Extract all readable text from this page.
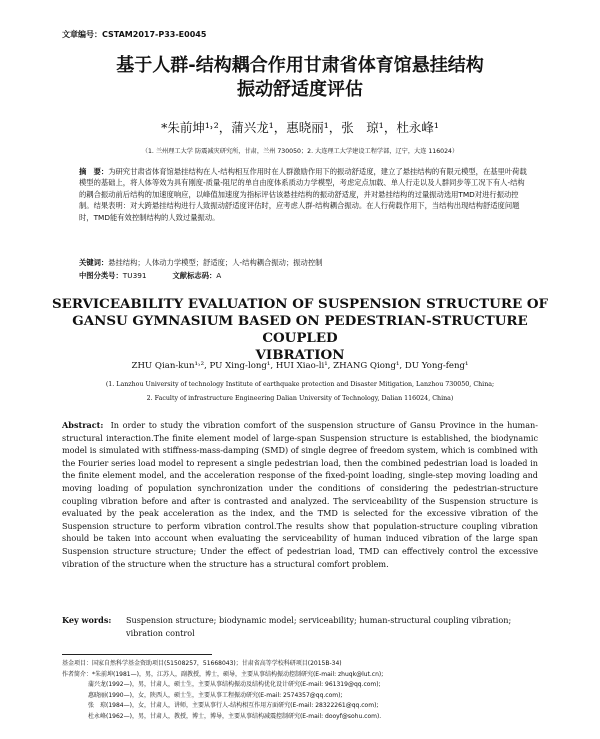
文章编号：CSTAM2017-P33-E0045
基于人群-结构耦合作用甘肃省体育馆悬挂结构
振动舒适度评估
*朱前坤¹˒²，蒲兴龙¹，惠晓丽¹，张　琼¹，杜永峰¹
（1. 兰州理工大学 防震减灾研究所，甘肃，兰州 730050；2. 大连理工大学建设工程学部，辽宁，大连 116024）
摘　要：为研究甘肃省体育馆悬挂结构在人-结构相互作用时在人群激励作用下的振动舒适度，建立了悬挂结构的有限元模型，在基里叶荷载模型的基础上，将人体等效为具有刚度-质量-阻尼的单自由度体系质动力学模型，考虑定点加载、单人行走以及人群同步等工况下有人-结构的耦合振动前后结构的加速度响应，以峰值加速度为指标评估该悬挂结构的振动舒适度，并对悬挂结构的过量振动选用TMD对进行振动控制。结果表明：对大跨悬挂结构进行人致振动舒适度评估时，应考虑人群-结构耦合振动。在人行荷载作用下，当结构出现结构舒适度问题时，TMD能有效控制结构的人致过量振动。
关键词：悬挂结构；人体动力学模型；舒适度；人-结构耦合振动；振动控制
中图分类号：TU391	文献标志码：A
SERVICEABILITY EVALUATION OF SUSPENSION STRUCTURE OF
GANSU GYMNASIUM BASED ON PEDESTRIAN-STRUCTURE COUPLED
VIBRATION
ZHU Qian-kun¹˒², PU Xing-long¹, HUI Xiao-li¹, ZHANG Qiong¹, DU Yong-feng¹
(1. Lanzhou University of technology Institute of earthquake protection and Disaster Mitigation, Lanzhou 730050, China;
2. Faculty of infrastructure Engineering Dalian University of Technology, Dalian 116024, China)
Abstract: In order to study the vibration comfort of the suspension structure of Gansu Province in the human-structural interaction.The finite element model of large-span Suspension structure is established, the biodynamic model is simulated with stiffness-mass-damping (SMD) of single degree of freedom system, which is combined with the Fourier series load model to represent a single pedestrian load, then the combined pedestrian load is loaded in the finite element model, and the acceleration response of the fixed-point loading, single-step moving loading and moving loading of population synchronization under the conditions of considering the pedestrian-structure coupling vibration before and after is contrasted and analyzed. The serviceability of the Suspension structure is evaluated by the peak acceleration as the index, and the TMD is selected for the excessive vibration of the Suspension structure to perform vibration control.The results show that population-structure coupling vibration should be taken into account when evaluating the serviceability of human induced vibration of the large span Suspension structure structure; Under the effect of pedestrian load, TMD can effectively control the excessive vibration of the structure when the structure has a structural comfort problem.
Key words: Suspension structure; biodynamic model; serviceability; human-structural coupling vibration; vibration control
基金项目：国家自然科学基金资助项目(51508257，51668043)；甘肃省高等学校科研项目(2015B-34)
作者简介：*朱前坤(1981—)，男，江苏人，副教授，博士，硕导，主要从事结构振动控制研究(E-mail: zhuqk@lut.cn);
蒲兴龙(1992—)，男，甘肃人，硕士生，主要从事结构振动及结构优化设计研究(E-mail: 961319@qq.com);
惠晓丽(1990—)，女，陕西人，硕士生，主要从事工程振动研究(E-mail: 2574357@qq.com);
张　琼(1984—)，女，甘肃人，讲师，主要从事行人-结构相互作用方面研究(E-mail: 28322261@qq.com);
杜永峰(1962—)，男，甘肃人，教授，博士，博导，主要从事结构减震控制研究(E-mail: dooyf@sohu.com).
